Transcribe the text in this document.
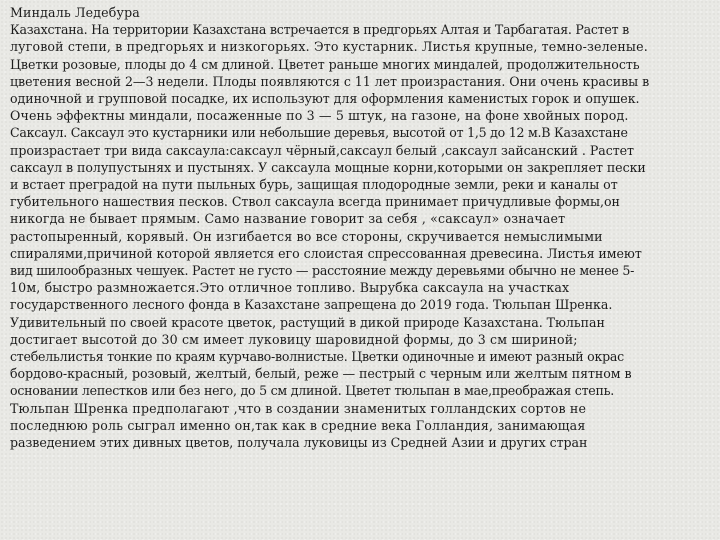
Миндаль Ледебура
Казахстана. На территории Казахстана встречается в предгорьях Алтая и Тарбагатая. Растет в
луговой степи, в предгорьях и низкогорьях. Это кустарник. Листья крупные, темно-зеленые.
Цветки розовые, плоды до 4 см длиной. Цветет раньше многих миндалей, продолжительность
цветения весной 2—3 недели. Плоды появляются с 11 лет произрастания. Они очень красивы в
одиночной и групповой посадке, их используют для оформления каменистых горок и опушек.
Очень эффектны миндали, посаженные по 3 — 5 штук, на газоне, на фоне хвойных пород.
Саксаул. Саксаул это кустарники или небольшие деревья, высотой от 1,5 до 12 м.В Казахстане
произрастает три вида саксаула:саксаул чёрный,саксаул белый ,саксаул зайсанский . Растет
саксаул в полупустынях и пустынях. У саксаула мощные корни,которыми он закрепляет пески
и встает преградой на пути пыльных бурь, защищая плодородные земли, реки и каналы от
губительного нашествия песков. Ствол саксаула всегда принимает причудливые формы,он
никогда не бывает прямым. Само название говорит за себя , «саксаул» означает
растопыренный, корявый. Он изгибается во все стороны, скручивается немыслимыми
спиралями,причиной которой является его слоистая спрессованная древесина. Листья имеют
вид шилообразных чешуек. Растет не густо — расстояние между деревьями обычно не менее 5-
10м, быстро размножается.Это отличное топливо. Вырубка саксаула на участках
государственного лесного фонда в Казахстане запрещена до 2019 года. Тюльпан Шренка.
Удивительный по своей красоте цветок, растущий в дикой природе Казахстана. Тюльпан
достигает высотой до 30 см имеет луковицу шаровидной формы, до 3 см шириной;
стебельлистья тонкие по краям курчаво-волнистые. Цветки одиночные и имеют разный окрас
бордово-красный, розовый, желтый, белый, реже — пестрый с черным или желтым пятном в
основании лепестков или без него, до 5 см длиной. Цветет тюльпан в мае,преображая степь.
Тюльпан Шренка предполагают ,что в создании знаменитых голландских сортов не
последнюю роль сыграл именно он,так как в средние века Голландия, занимающая
разведением этих дивных цветов, получала луковицы из Средней Азии и других стран
